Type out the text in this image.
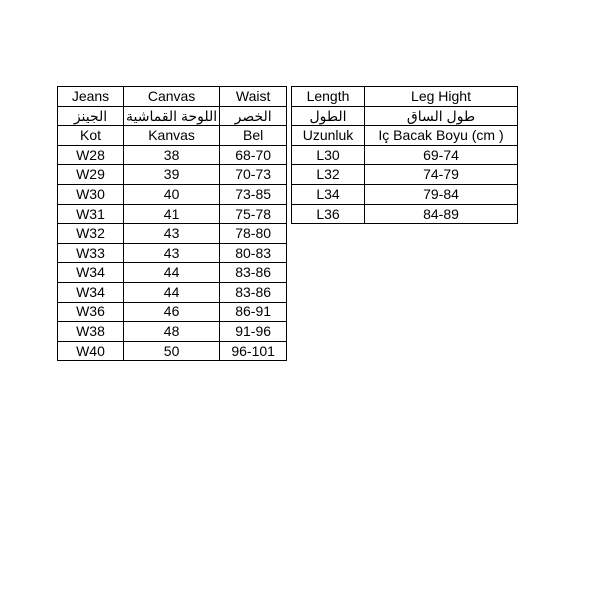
Jeans	Canvas	Waist
الجينز	اللوحة القماشية	الخصر
Kot	Kanvas	Bel
W28	38	68-70
W29	39	70-73
W30	40	73-85
W31	41	75-78
W32	43	78-80
W33	43	80-83
W34	44	83-86
W34	44	83-86
W36	46	86-91
W38	48	91-96
W40	50	96-101
Length	Leg Hight
الطول	طول الساق
Uzunluk	Iç Bacak Boyu (cm )
L30	69-74
L32	74-79
L34	79-84
L36	84-89
